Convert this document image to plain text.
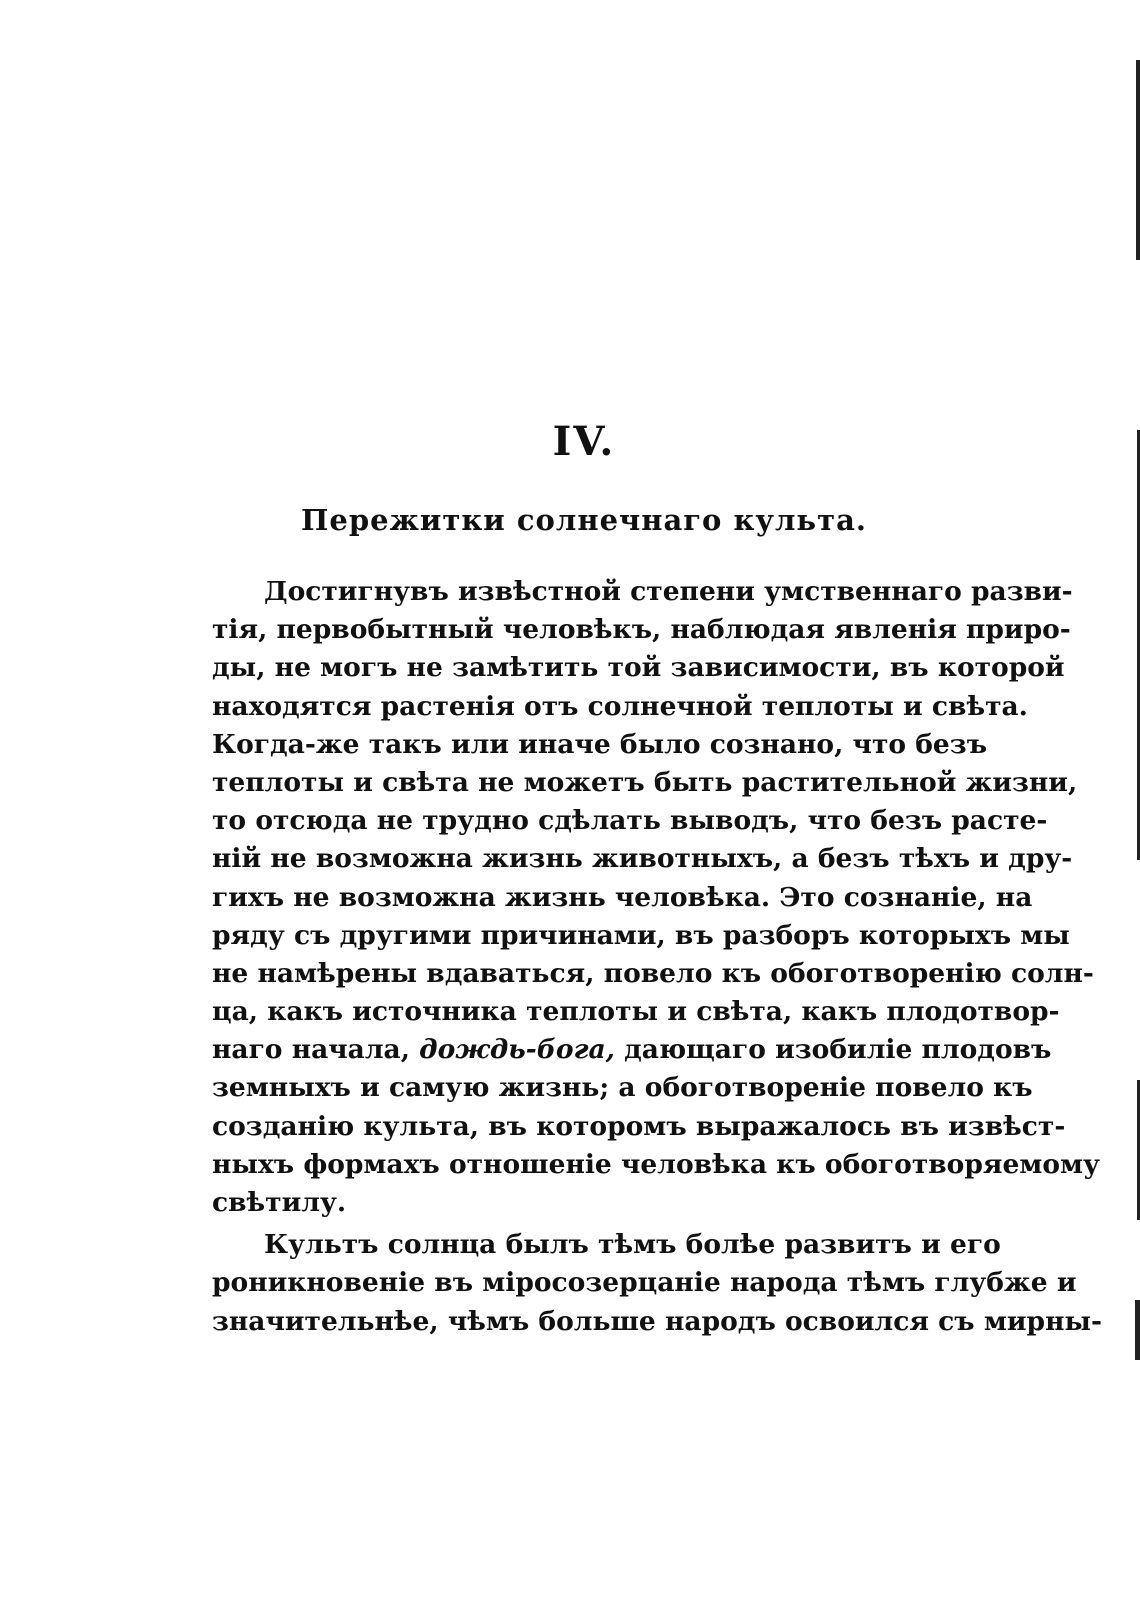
IV.
Пережитки солнечнаго культа.
Достигнувъ извѣстной степени умственнаго разви-
тія, первобытный человѣкъ, наблюдая явленія приро-
ды, не могъ не замѣтить той зависимости, въ которой
находятся растенія отъ солнечной теплоты и свѣта.
Когда-же такъ или иначе было сознано, что безъ
теплоты и свѣта не можетъ быть растительной жизни,
то отсюда не трудно сдѣлать выводъ, что безъ расте-
ній не возможна жизнь животныхъ, а безъ тѣхъ и дру-
гихъ не возможна жизнь человѣка. Это сознаніе, на
ряду съ другими причинами, въ разборъ которыхъ мы
не намѣрены вдаваться, повело къ обоготворенію солн-
ца, какъ источника теплоты и свѣта, какъ плодотвор-
наго начала, дождь-бога, дающаго изобиліе плодовъ
земныхъ и самую жизнь; а обоготвореніе повело къ
созданію культа, въ которомъ выражалось въ извѣст-
ныхъ формахъ отношеніе человѣка къ обоготворяемому
свѣтилу.
Культъ солнца былъ тѣмъ болѣе развитъ и его
роникновеніе въ міросозерцаніе народа тѣмъ глубже и
значительнѣе, чѣмъ больше народъ освоился съ мирны-
